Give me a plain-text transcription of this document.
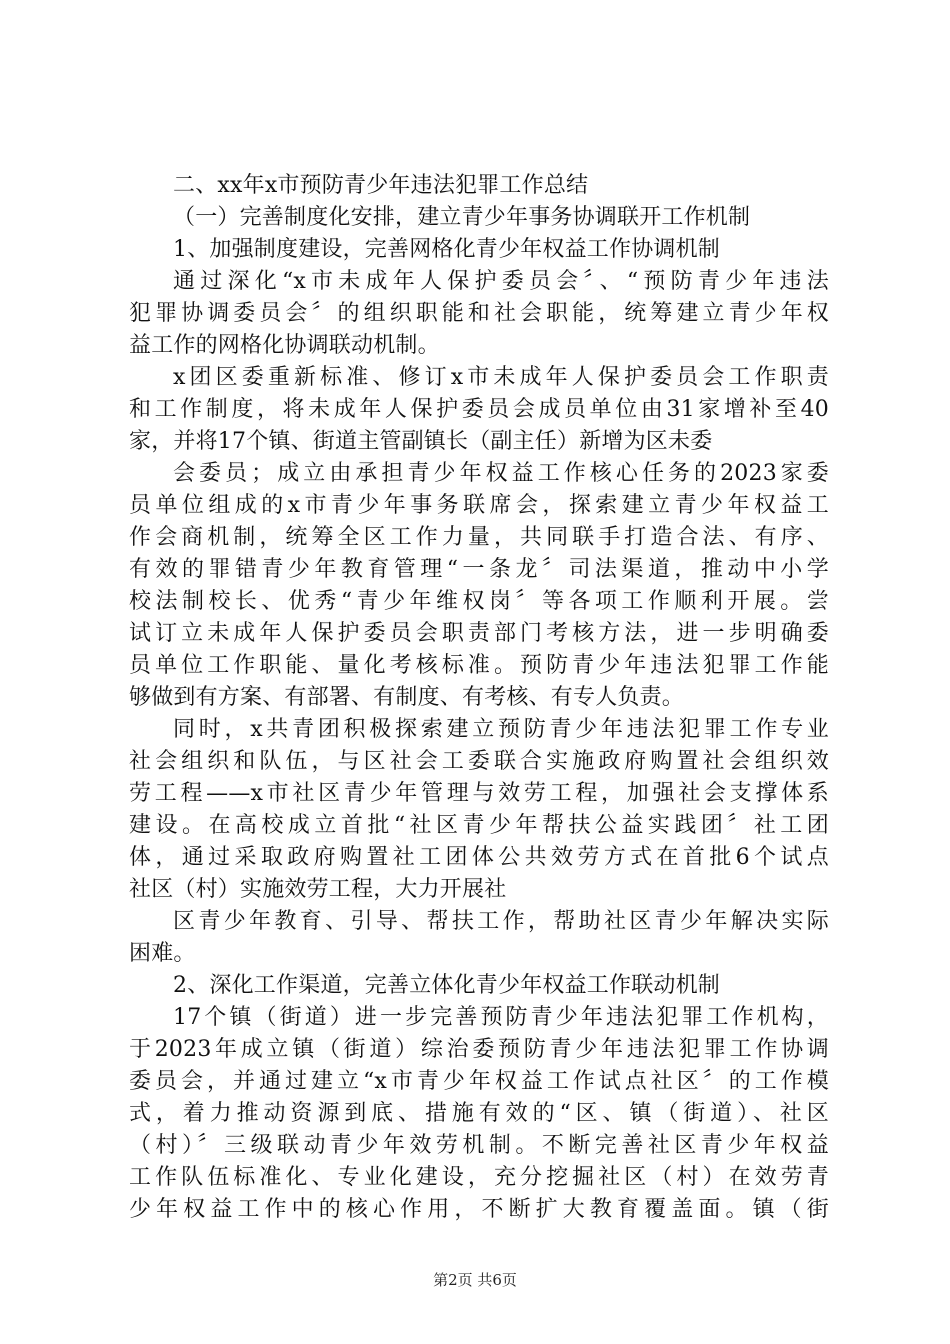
二、xx年x市预防青少年违法犯罪工作总结
（一）完善制度化安排，建立青少年事务协调联开工作机制
1、加强制度建设，完善网格化青少年权益工作协调机制
通过深化“x市未成年人保护委员会〞、“预防青少年违法
犯罪协调委员会〞的组织职能和社会职能，统筹建立青少年权
益工作的网格化协调联动机制。
x团区委重新标准、修订x市未成年人保护委员会工作职责
和工作制度，将未成年人保护委员会成员单位由31家增补至40
家，并将17个镇、街道主管副镇长（副主任）新增为区未委
会委员；成立由承担青少年权益工作核心任务的2023家委
员单位组成的x市青少年事务联席会，探索建立青少年权益工
作会商机制，统筹全区工作力量，共同联手打造合法、有序、
有效的罪错青少年教育管理“一条龙〞司法渠道，推动中小学
校法制校长、优秀“青少年维权岗〞等各项工作顺利开展。尝
试订立未成年人保护委员会职责部门考核方法，进一步明确委
员单位工作职能、量化考核标准。预防青少年违法犯罪工作能
够做到有方案、有部署、有制度、有考核、有专人负责。
同时，x共青团积极探索建立预防青少年违法犯罪工作专业
社会组织和队伍，与区社会工委联合实施政府购置社会组织效
劳工程——x市社区青少年管理与效劳工程，加强社会支撑体系
建设。在高校成立首批“社区青少年帮扶公益实践团〞社工团
体，通过采取政府购置社工团体公共效劳方式在首批6个试点
社区（村）实施效劳工程，大力开展社
区青少年教育、引导、帮扶工作，帮助社区青少年解决实际
困难。
2、深化工作渠道，完善立体化青少年权益工作联动机制
17个镇（街道）进一步完善预防青少年违法犯罪工作机构，
于2023年成立镇（街道）综治委预防青少年违法犯罪工作协调
委员会，并通过建立“x市青少年权益工作试点社区〞的工作模
式，着力推动资源到底、措施有效的“区、镇（街道）、社区
（村）〞三级联动青少年效劳机制。不断完善社区青少年权益
工作队伍标准化、专业化建设，充分挖掘社区（村）在效劳青
少年权益工作中的核心作用，不断扩大教育覆盖面。镇（街
第2页 共6页
